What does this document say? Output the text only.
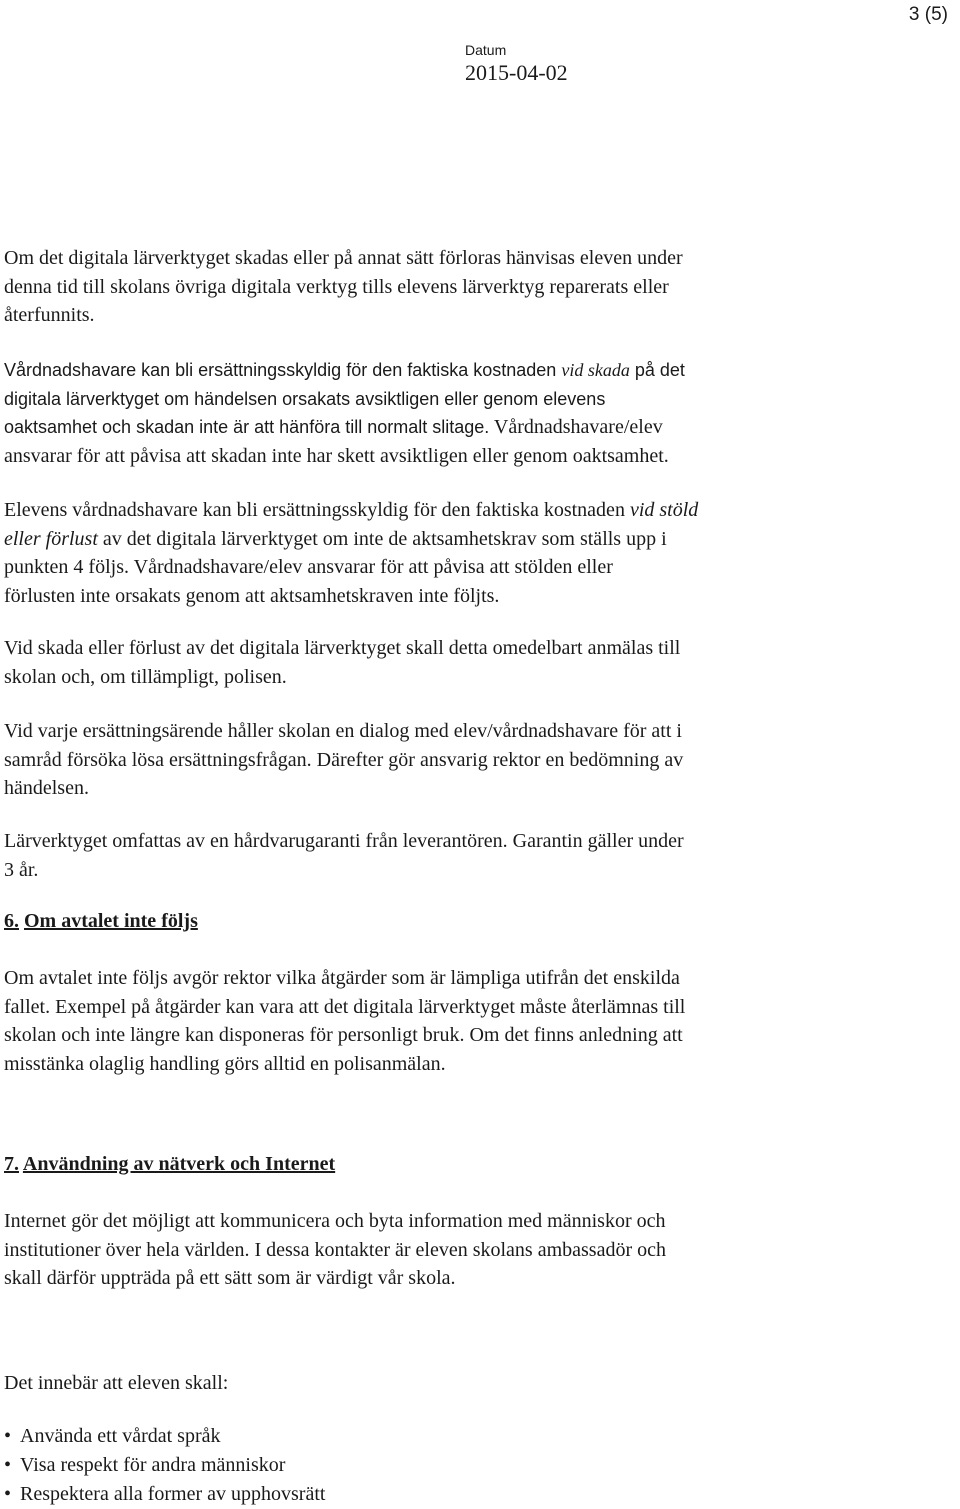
3 (5)
Datum
2015-04-02
Om det digitala lärverktyget skadas eller på annat sätt förloras hänvisas eleven under
denna tid till skolans övriga digitala verktyg tills elevens lärverktyg reparerats eller
återfunnits.
Vårdnadshavare kan bli ersättningsskyldig för den faktiska kostnaden vid skada på det
digitala lärverktyget om händelsen orsakats avsiktligen eller genom elevens
oaktsamhet och skadan inte är att hänföra till normalt slitage. Vårdnadshavare/elev
ansvarar för att påvisa att skadan inte har skett avsiktligen eller genom oaktsamhet.
Elevens vårdnadshavare kan bli ersättningsskyldig för den faktiska kostnaden vid stöld
eller förlust av det digitala lärverktyget om inte de aktsamhetskrav som ställs upp i
punkten 4 följs. Vårdnadshavare/elev ansvarar för att påvisa att stölden eller
förlusten inte orsakats genom att aktsamhetskraven inte följts.
Vid skada eller förlust av det digitala lärverktyget skall detta omedelbart anmälas till
skolan och, om tillämpligt, polisen.
Vid varje ersättningsärende håller skolan en dialog med elev/vårdnadshavare för att i
samråd försöka lösa ersättningsfrågan. Därefter gör ansvarig rektor en bedömning av
händelsen.
Lärverktyget omfattas av en hårdvarugaranti från leverantören. Garantin gäller under
3 år.
6. Om avtalet inte följs
Om avtalet inte följs avgör rektor vilka åtgärder som är lämpliga utifrån det enskilda
fallet. Exempel på åtgärder kan vara att det digitala lärverktyget måste återlämnas till
skolan och inte längre kan disponeras för personligt bruk. Om det finns anledning att
misstänka olaglig handling görs alltid en polisanmälan.
7. Användning av nätverk och Internet
Internet gör det möjligt att kommunicera och byta information med människor och
institutioner över hela världen. I dessa kontakter är eleven skolans ambassadör och
skall därför uppträda på ett sätt som är värdigt vår skola.
Det innebär att eleven skall:
• Använda ett vårdat språk
• Visa respekt för andra människor
• Respektera alla former av upphovsrätt
